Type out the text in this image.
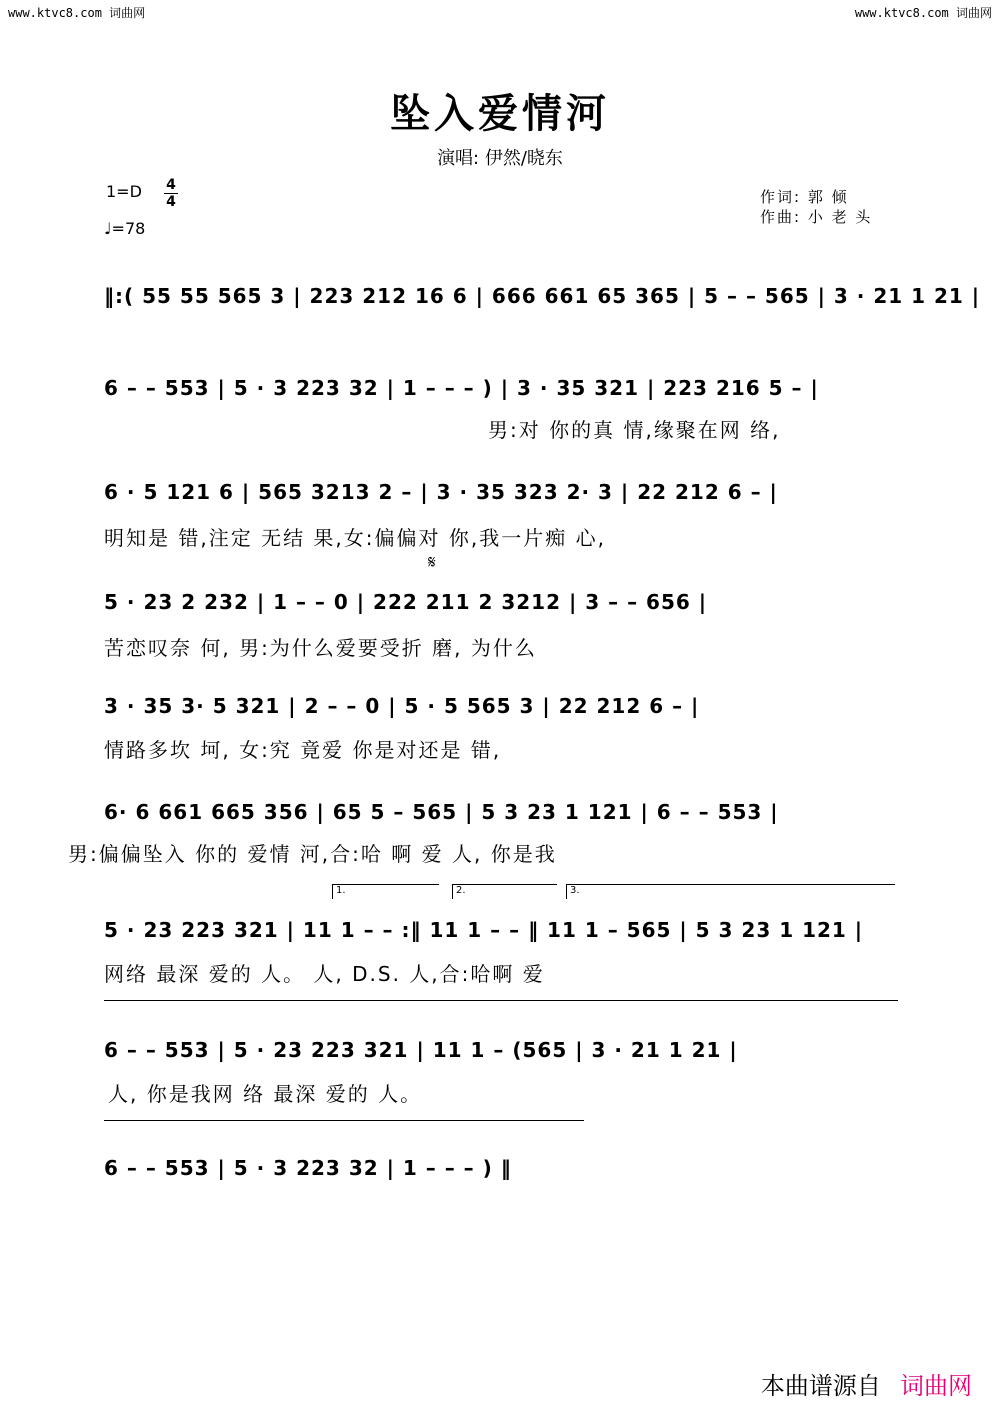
www.ktvc8.com 词曲网	www.ktvc8.com 词曲网
坠入爱情河
演唱: 伊然/晓东
1=D 4
4
♩=78
作词: 郭 倾
作曲: 小 老 头
‖:( 55 55 565 3 | 223 212 16 6 | 666 661 65 365 | 5 – – 565 | 3 · 21 1 21 |
6 – – 553 | 5 · 3 223 32 | 1 – – – ) | 3 · 35 321 | 223 216 5 – |
男:对 你的真 情,缘聚在网 络,
6 · 5 121 6 | 565 3213 2 – | 3 · 35 323 2· 3 | 22 212 6 – |
明知是 错,注定 无结 果,女:偏偏对 你,我一片痴 心,
𝄋
5 · 23 2 232 | 1 – – 0 | 222 211 2 3212 | 3 – – 656 |
苦恋叹奈 何, 男:为什么爱要受折 磨, 为什么
3 · 35 3· 5 321 | 2 – – 0 | 5 · 5 565 3 | 22 212 6 – |
情路多坎 坷, 女:究 竟爱 你是对还是 错,
6· 6 661 665 356 | 65 5 – 565 | 5 3 23 1 121 | 6 – – 553 |
男:偏偏坠入 你的 爱情 河,合:哈 啊 爱 人, 你是我
1.	2.	3.
5 · 23 223 321 | 11 1 – – :‖ 11 1 – – ‖ 11 1 – 565 | 5 3 23 1 121 |
网络 最深 爱的 人。 人, D.S. 人,合:哈啊 爱
6 – – 553 | 5 · 23 223 321 | 11 1 – (565 | 3 · 21 1 21 |
人, 你是我网 络 最深 爱的 人。
6 – – 553 | 5 · 3 223 32 | 1 – – – ) ‖
本曲谱源自 词曲网
